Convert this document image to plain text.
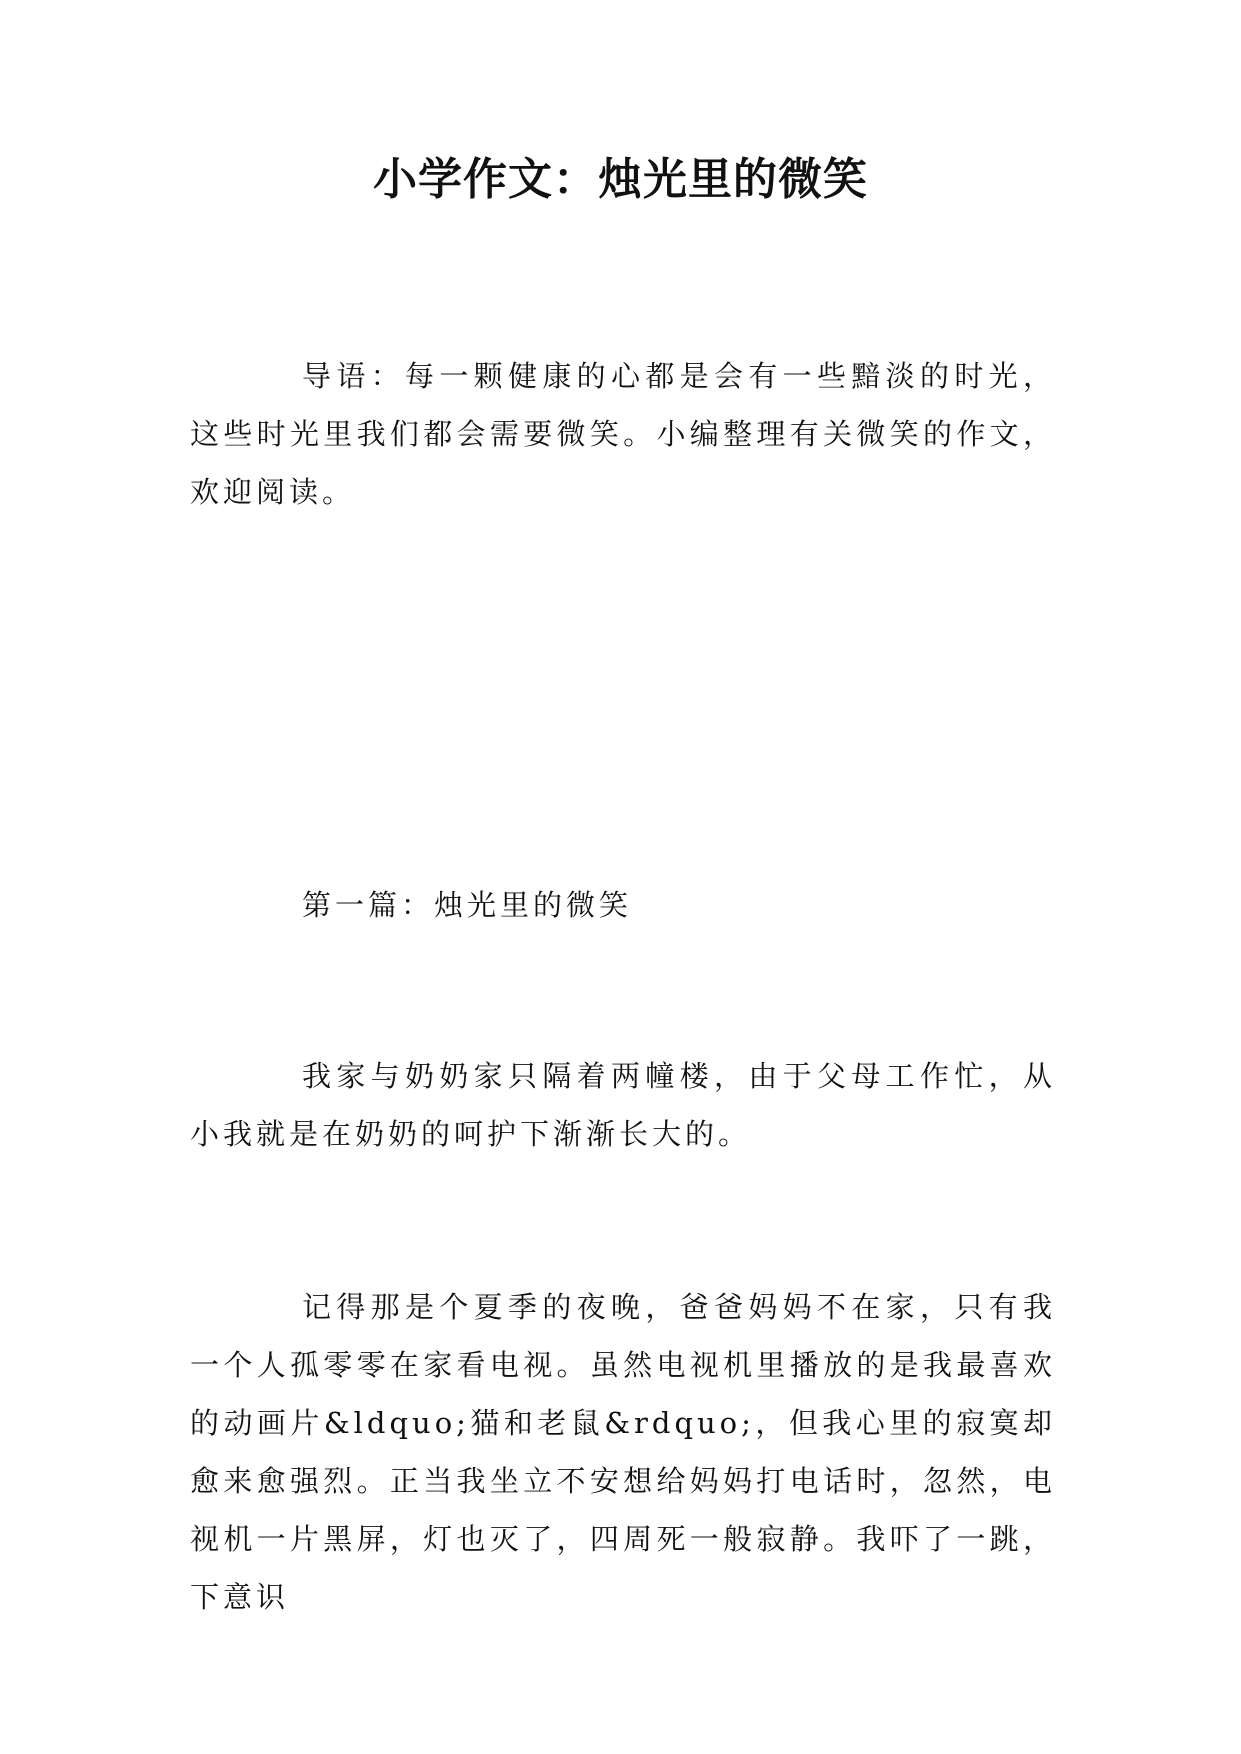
小学作文：烛光里的微笑

导语：每一颗健康的心都是会有一些黯淡的时光，这些时光里我们都会需要微笑。小编整理有关微笑的作文，欢迎阅读。

第一篇：烛光里的微笑

我家与奶奶家只隔着两幢楼，由于父母工作忙，从小我就是在奶奶的呵护下渐渐长大的。

记得那是个夏季的夜晚，爸爸妈妈不在家，只有我一个人孤零零在家看电视。虽然电视机里播放的是我最喜欢的动画片&ldquo;猫和老鼠&rdquo;，但我心里的寂寞却愈来愈强烈。正当我坐立不安想给妈妈打电话时，忽然，电视机一片黑屏，灯也灭了，四周死一般寂静。我吓了一跳，下意识
